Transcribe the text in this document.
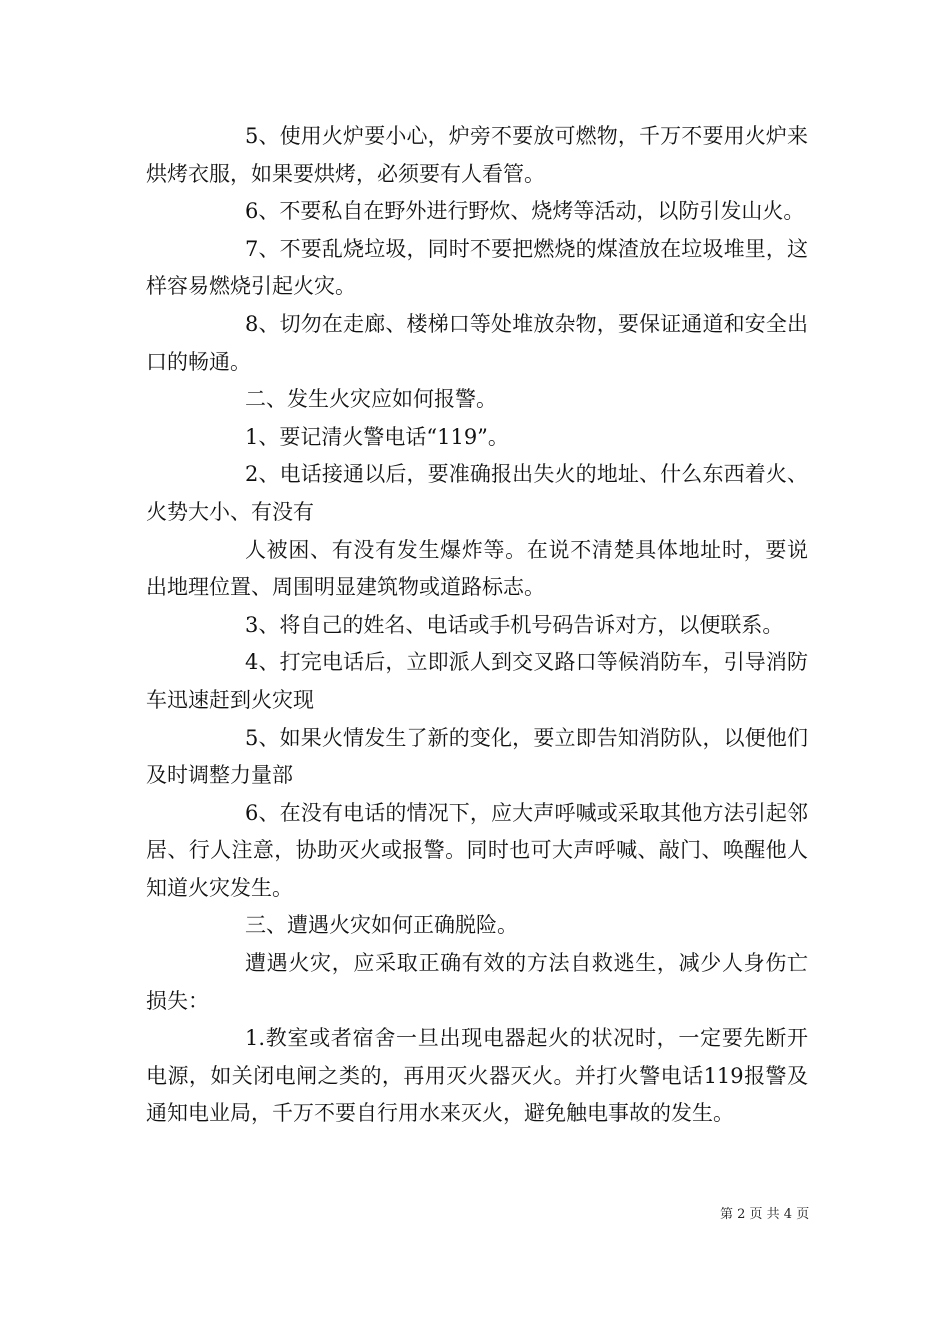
5、使用火炉要小心，炉旁不要放可燃物，千万不要用火炉来烘烤衣服，如果要烘烤，必须要有人看管。

6、不要私自在野外进行野炊、烧烤等活动，以防引发山火。

7、不要乱烧垃圾，同时不要把燃烧的煤渣放在垃圾堆里，这样容易燃烧引起火灾。

8、切勿在走廊、楼梯口等处堆放杂物，要保证通道和安全出口的畅通。

二、发生火灾应如何报警。

1、要记清火警电话“119”。

2、电话接通以后，要准确报出失火的地址、什么东西着火、火势大小、有没有

人被困、有没有发生爆炸等。在说不清楚具体地址时，要说出地理位置、周围明显建筑物或道路标志。

3、将自己的姓名、电话或手机号码告诉对方，以便联系。

4、打完电话后，立即派人到交叉路口等候消防车，引导消防车迅速赶到火灾现

5、如果火情发生了新的变化，要立即告知消防队，以便他们及时调整力量部

6、在没有电话的情况下，应大声呼喊或采取其他方法引起邻居、行人注意，协助灭火或报警。同时也可大声呼喊、敲门、唤醒他人知道火灾发生。

三、遭遇火灾如何正确脱险。

遭遇火灾，应采取正确有效的方法自救逃生，减少人身伤亡损失：

1.教室或者宿舍一旦出现电器起火的状况时，一定要先断开电源，如关闭电闸之类的，再用灭火器灭火。并打火警电话119报警及通知电业局，千万不要自行用水来灭火，避免触电事故的发生。

第 2 页 共 4 页
